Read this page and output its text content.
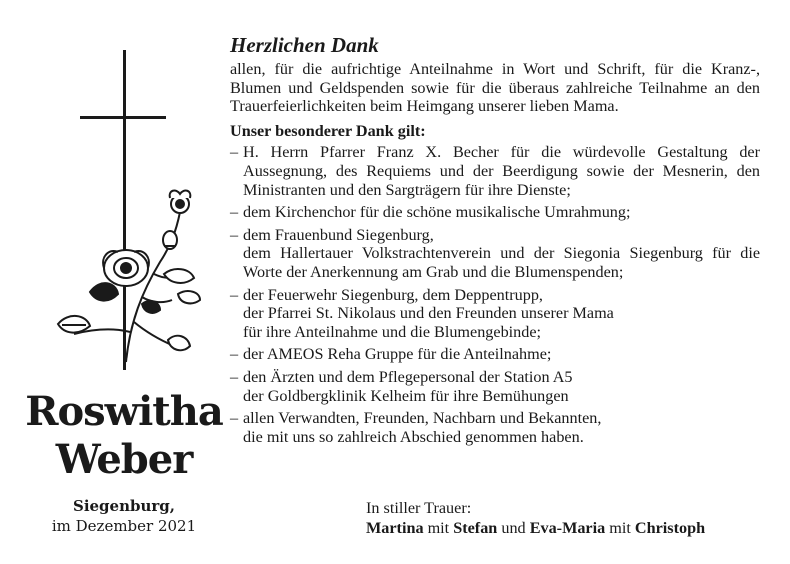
Roswitha
Weber
Siegenburg,
im Dezember 2021
Herzlichen Dank

allen, für die aufrichtige Anteilnahme in Wort und Schrift, für die Kranz-, Blumen und Geldspenden sowie für die überaus zahlreiche Teilnahme an den Trauerfeierlichkeiten beim Heimgang unserer lieben Mama.

Unser besonderer Dank gilt:

– H. Herrn Pfarrer Franz X. Becher für die würdevolle Gestaltung der Aussegnung, des Requiems und der Beerdigung sowie der Mesnerin, den Ministranten und den Sargträgern für ihre Dienste;
– dem Kirchenchor für die schöne musikalische Umrahmung;
– dem Frauenbund Siegenburg,
dem Hallertauer Volkstrachtenverein und der Siegonia Siegenburg für die Worte der Anerkennung am Grab und die Blumenspenden;
– der Feuerwehr Siegenburg, dem Deppentrupp,
der Pfarrei St. Nikolaus und den Freunden unserer Mama
für ihre Anteilnahme und die Blumengebinde;
– der AMEOS Reha Gruppe für die Anteilnahme;
– den Ärzten und dem Pflegepersonal der Station A5
der Goldbergklinik Kelheim für ihre Bemühungen
– allen Verwandten, Freunden, Nachbarn und Bekannten,
die mit uns so zahlreich Abschied genommen haben.
In stiller Trauer:
Martina mit Stefan und Eva-Maria mit Christoph
